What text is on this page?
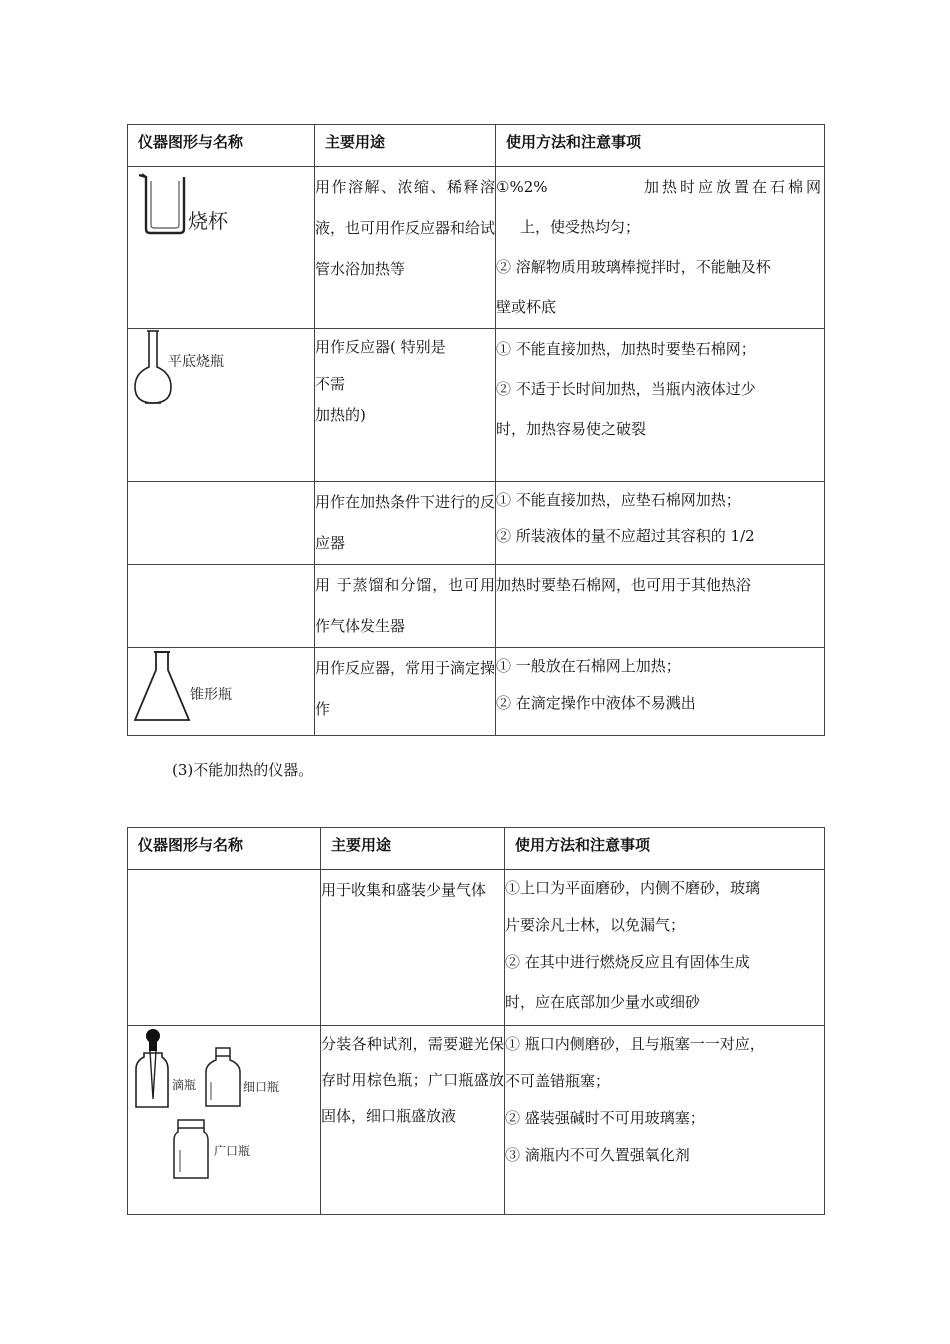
仪器图形与名称	主要用途	使用方法和注意事项

烧杯	用作溶解、浓缩、稀释溶液，也可用作反应器和给试管水浴加热等	①%2% 加热时应放置在石棉网
上，使受热均匀；
② 溶解物质用玻璃棒搅拌时，不能触及杯
壁或杯底

平底烧瓶	用作反应器( 特别是
不需
加热的)	① 不能直接加热，加热时要垫石棉网；
② 不适于长时间加热，当瓶内液体过少
时，加热容易使之破裂

	用作在加热条件下进行的反应器	① 不能直接加热，应垫石棉网加热；
② 所装液体的量不应超过其容积的 1/2

	用 于蒸馏和分馏，也可用作气体发生器	加热时要垫石棉网，也可用于其他热浴

锥形瓶	用作反应器，常用于滴定操作	① 一般放在石棉网上加热；
② 在滴定操作中液体不易溅出
(3)不能加热的仪器。
仪器图形与名称	主要用途	使用方法和注意事项
	用于收集和盛装少量气体	①上口为平面磨砂，内侧不磨砂，玻璃
片要涂凡士林，以免漏气；
② 在其中进行燃烧反应且有固体生成
时，应在底部加少量水或细砂

滴瓶 细口瓶
广口瓶	分装各种试剂，需要避光保存时用棕色瓶；广口瓶盛放固体，细口瓶盛放液	① 瓶口内侧磨砂，且与瓶塞一一对应，
不可盖错瓶塞；
② 盛装强碱时不可用玻璃塞；
③ 滴瓶内不可久置强氧化剂
